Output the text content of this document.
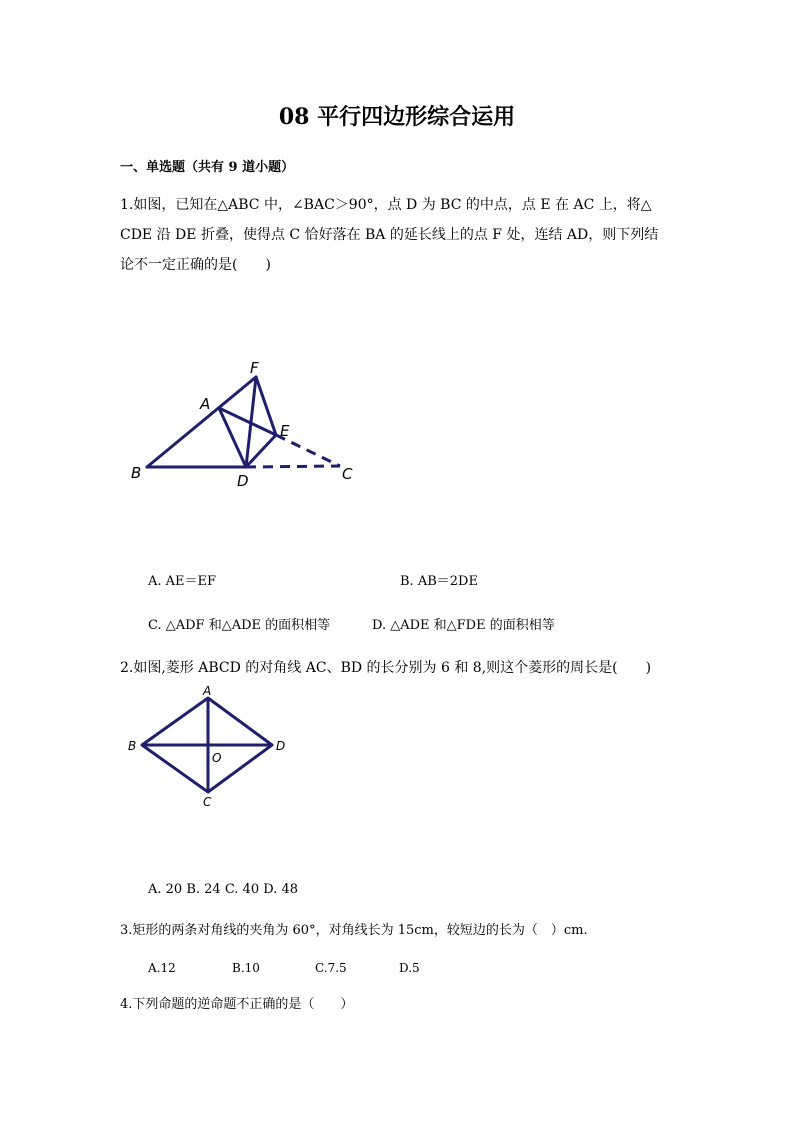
08 平行四边形综合运用
一、单选题（共有 9 道小题）
1.如图，已知在△ABC 中，∠BAC＞90°，点 D 为 BC 的中点，点 E 在 AC 上，将△
CDE 沿 DE 折叠，使得点 C 恰好落在 BA 的延长线上的点 F 处，连结 AD，则下列结
论不一定正确的是(　　)
A
B	C
D
E
F
A. AE＝EF	B. AB＝2DE
C. △ADF 和△ADE 的面积相等	D. △ADE 和△FDE 的面积相等
2.如图,菱形 ABCD 的对角线 AC、BD 的长分别为 6 和 8,则这个菱形的周长是(　　)
A
B
C
D
O
A. 20 B. 24 C. 40 D. 48
3.矩形的两条对角线的夹角为 60°，对角线长为 15cm，较短边的长为（　）cm.
A.12	B.10	C.7.5	D.5
4.下列命题的逆命题不正确的是（　　）
